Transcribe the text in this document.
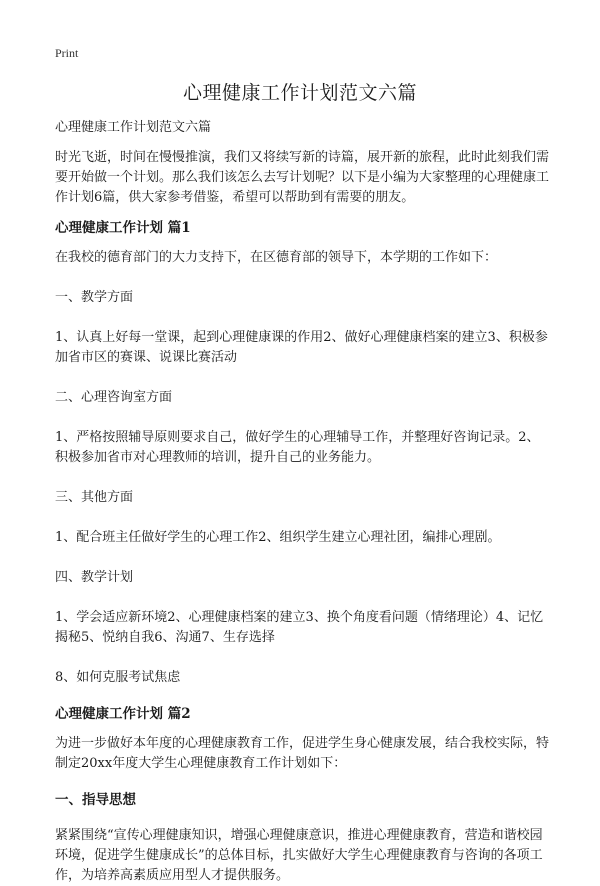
Print
心理健康工作计划范文六篇

心理健康工作计划范文六篇

时光飞逝，时间在慢慢推演，我们又将续写新的诗篇，展开新的旅程，此时此刻我们需要开始做一个计划。那么我们该怎么去写计划呢？以下是小编为大家整理的心理健康工作计划6篇，供大家参考借鉴，希望可以帮助到有需要的朋友。

心理健康工作计划 篇1

在我校的德育部门的大力支持下，在区德育部的领导下，本学期的工作如下：

一、教学方面

1、认真上好每一堂课，起到心理健康课的作用2、做好心理健康档案的建立3、积极参加省市区的赛课、说课比赛活动

二、心理咨询室方面

1、严格按照辅导原则要求自己，做好学生的心理辅导工作，并整理好咨询记录。2、积极参加省市对心理教师的培训，提升自己的业务能力。

三、其他方面

1、配合班主任做好学生的心理工作2、组织学生建立心理社团，编排心理剧。

四、教学计划

1、学会适应新环境2、心理健康档案的建立3、换个角度看问题（情绪理论）4、记忆揭秘5、悦纳自我6、沟通7、生存选择

8、如何克服考试焦虑

心理健康工作计划 篇2

为进一步做好本年度的心理健康教育工作，促进学生身心健康发展，结合我校实际，特制定20xx年度大学生心理健康教育工作计划如下：

一、指导思想

紧紧围绕“宣传心理健康知识，增强心理健康意识，推进心理健康教育，营造和谐校园环境，促进学生健康成长”的总体目标，扎实做好大学生心理健康教育与咨询的各项工作，为培养高素质应用型人才提供服务。
